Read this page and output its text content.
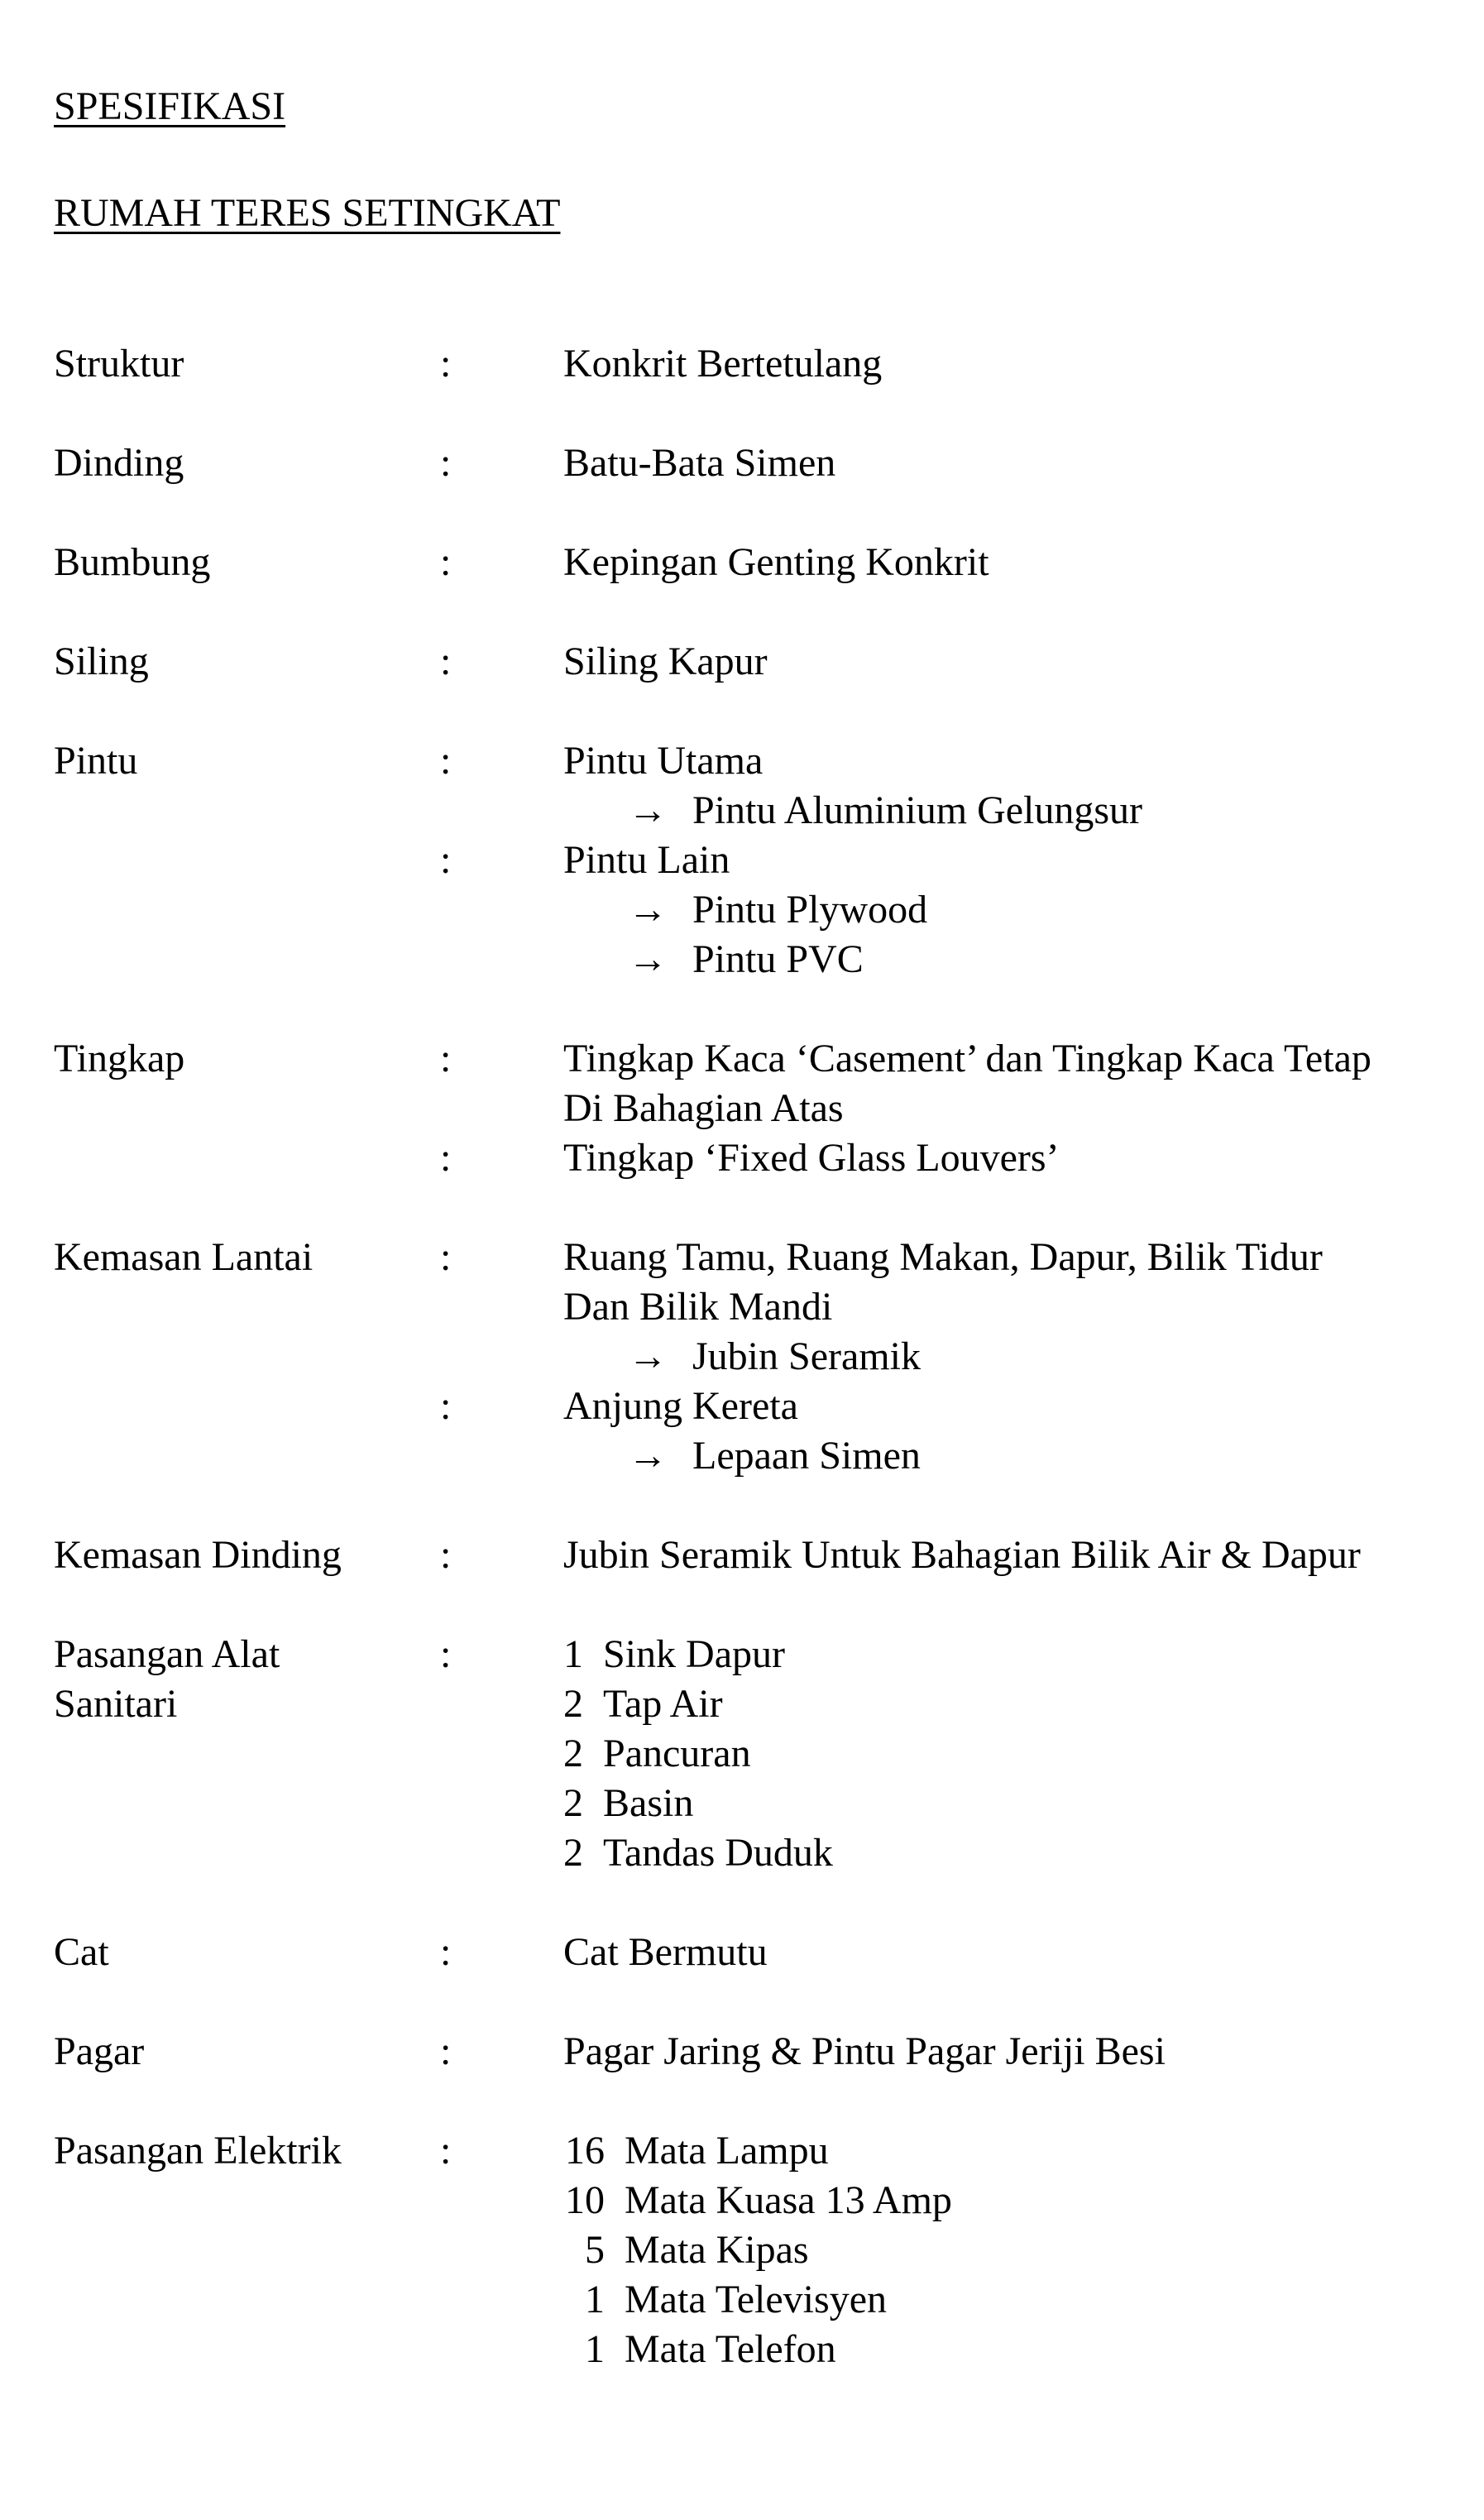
SPESIFIKASI
RUMAH TERES SETINGKAT
Struktur	:	Konkrit Bertetulang
Dinding	:	Batu-Bata Simen
Bumbung	:	Kepingan Genting Konkrit
Siling	:	Siling Kapur
Pintu	:	Pintu Utama
→ Pintu Aluminium Gelungsur
:	Pintu Lain
→ Pintu Plywood
→ Pintu PVC
Tingkap	:	Tingkap Kaca ‘Casement’ dan Tingkap Kaca Tetap
Di Bahagian Atas
:	Tingkap ‘Fixed Glass Louvers’
Kemasan Lantai	:	Ruang Tamu, Ruang Makan, Dapur, Bilik Tidur
Dan Bilik Mandi
→ Jubin Seramik
:	Anjung Kereta
→ Lepaan Simen
Kemasan Dinding	:	Jubin Seramik Untuk Bahagian Bilik Air & Dapur
Pasangan Alat	:	1 Sink Dapur
Sanitari	2 Tap Air
2 Pancuran
2 Basin
2 Tandas Duduk
Cat	:	Cat Bermutu
Pagar	:	Pagar Jaring & Pintu Pagar Jeriji Besi
Pasangan Elektrik	:	16 Mata Lampu
10 Mata Kuasa 13 Amp
5 Mata Kipas
1 Mata Televisyen
1 Mata Telefon
